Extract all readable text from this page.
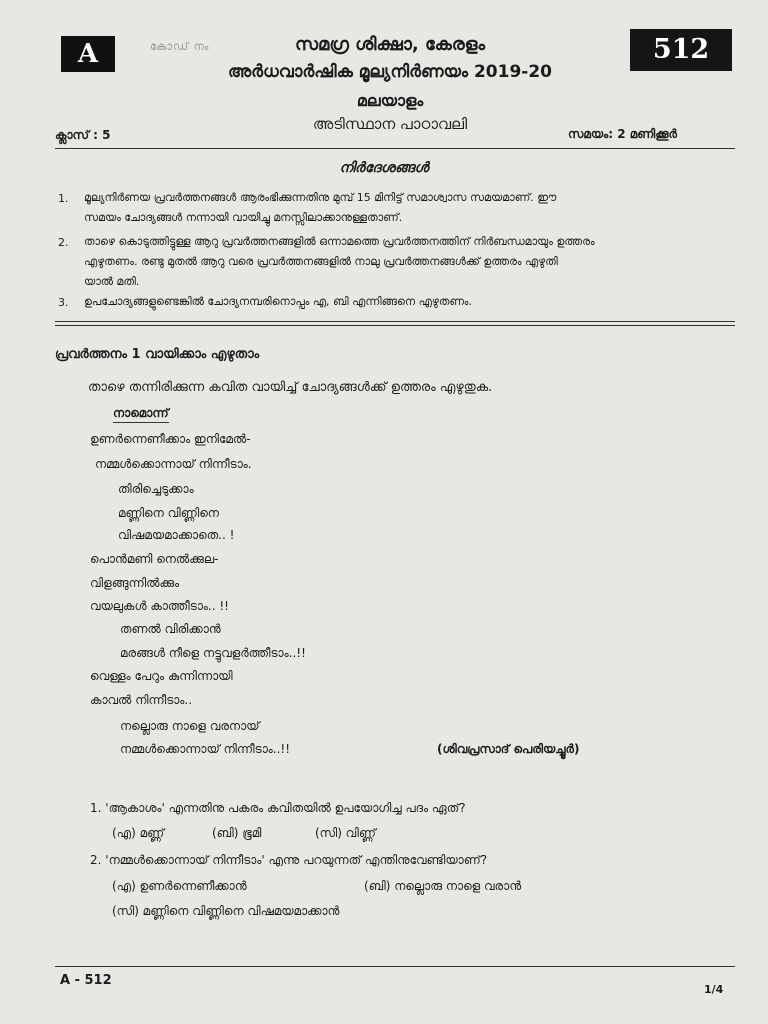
A	കോഡ് നം	512
സമഗ്ര ശിക്ഷാ, കേരളം
അർധവാർഷിക മൂല്യനിർണയം 2019-20
മലയാളം
അടിസ്ഥാന പാഠാവലി
ക്ലാസ് : 5	സമയം: 2 മണിക്കൂർ
നിർദേശങ്ങൾ
1. മൂല്യനിർണയ പ്രവർത്തനങ്ങൾ ആരംഭിക്കുന്നതിനു മുമ്പ് 15 മിനിട്ട് സമാശ്വാസ സമയമാണ്. ഈ
സമയം ചോദ്യങ്ങൾ നന്നായി വായിച്ചു മനസ്സിലാക്കാനുള്ളതാണ്.
2. താഴെ കൊടുത്തിട്ടുള്ള ആറു പ്രവർത്തനങ്ങളിൽ ഒന്നാമത്തെ പ്രവർത്തനത്തിന് നിർബന്ധമായും ഉത്തരം
എഴുതണം. രണ്ടു മുതൽ ആറു വരെ പ്രവർത്തനങ്ങളിൽ നാലു പ്രവർത്തനങ്ങൾക്ക് ഉത്തരം എഴുതി
യാൽ മതി.
3. ഉപചോദ്യങ്ങളുണ്ടെങ്കിൽ ചോദ്യനമ്പരിനൊപ്പം എ, ബി എന്നിങ്ങനെ എഴുതണം.
പ്രവർത്തനം 1 വായിക്കാം എഴുതാം
താഴെ തന്നിരിക്കുന്ന കവിത വായിച്ച് ചോദ്യങ്ങൾക്ക് ഉത്തരം എഴുതുക.
നാമൊന്ന്
ഉണർന്നെണീക്കാം ഇനിമേൽ-
നമ്മൾക്കൊന്നായ് നിന്നീടാം.
തിരിച്ചെടുക്കാം
മണ്ണിനെ വിണ്ണിനെ
വിഷമയമാക്കാതെ.. !
പൊൻമണി നെൽക്കുല-
വിളങ്ങുന്നിൽക്കും
വയലുകൾ കാത്തീടാം.. !!
തണൽ വിരിക്കാൻ
മരങ്ങൾ നീളെ നട്ടുവളർത്തീടാം..!!
വെള്ളം പേറും കുന്നിന്നായി
കാവൽ നിന്നീടാം..
നല്ലൊരു നാളെ വരനായ്
നമ്മൾക്കൊന്നായ് നിന്നീടാം..!!	(ശിവപ്രസാദ് പെരിയച്ചൂർ)
1. 'ആകാശം' എന്നതിനു പകരം കവിതയിൽ ഉപയോഗിച്ച പദം ഏത്?
(എ) മണ്ണ്	(ബി) ഭൂമി	(സി) വിണ്ണ്
2. 'നമ്മൾക്കൊന്നായ് നിന്നീടാം' എന്നു പറയുന്നത് എന്തിനുവേണ്ടിയാണ്?
(എ) ഉണർന്നെണീക്കാൻ	(ബി) നല്ലൊരു നാളെ വരാൻ
(സി) മണ്ണിനെ വിണ്ണിനെ വിഷമയമാക്കാൻ
A - 512
1/4
